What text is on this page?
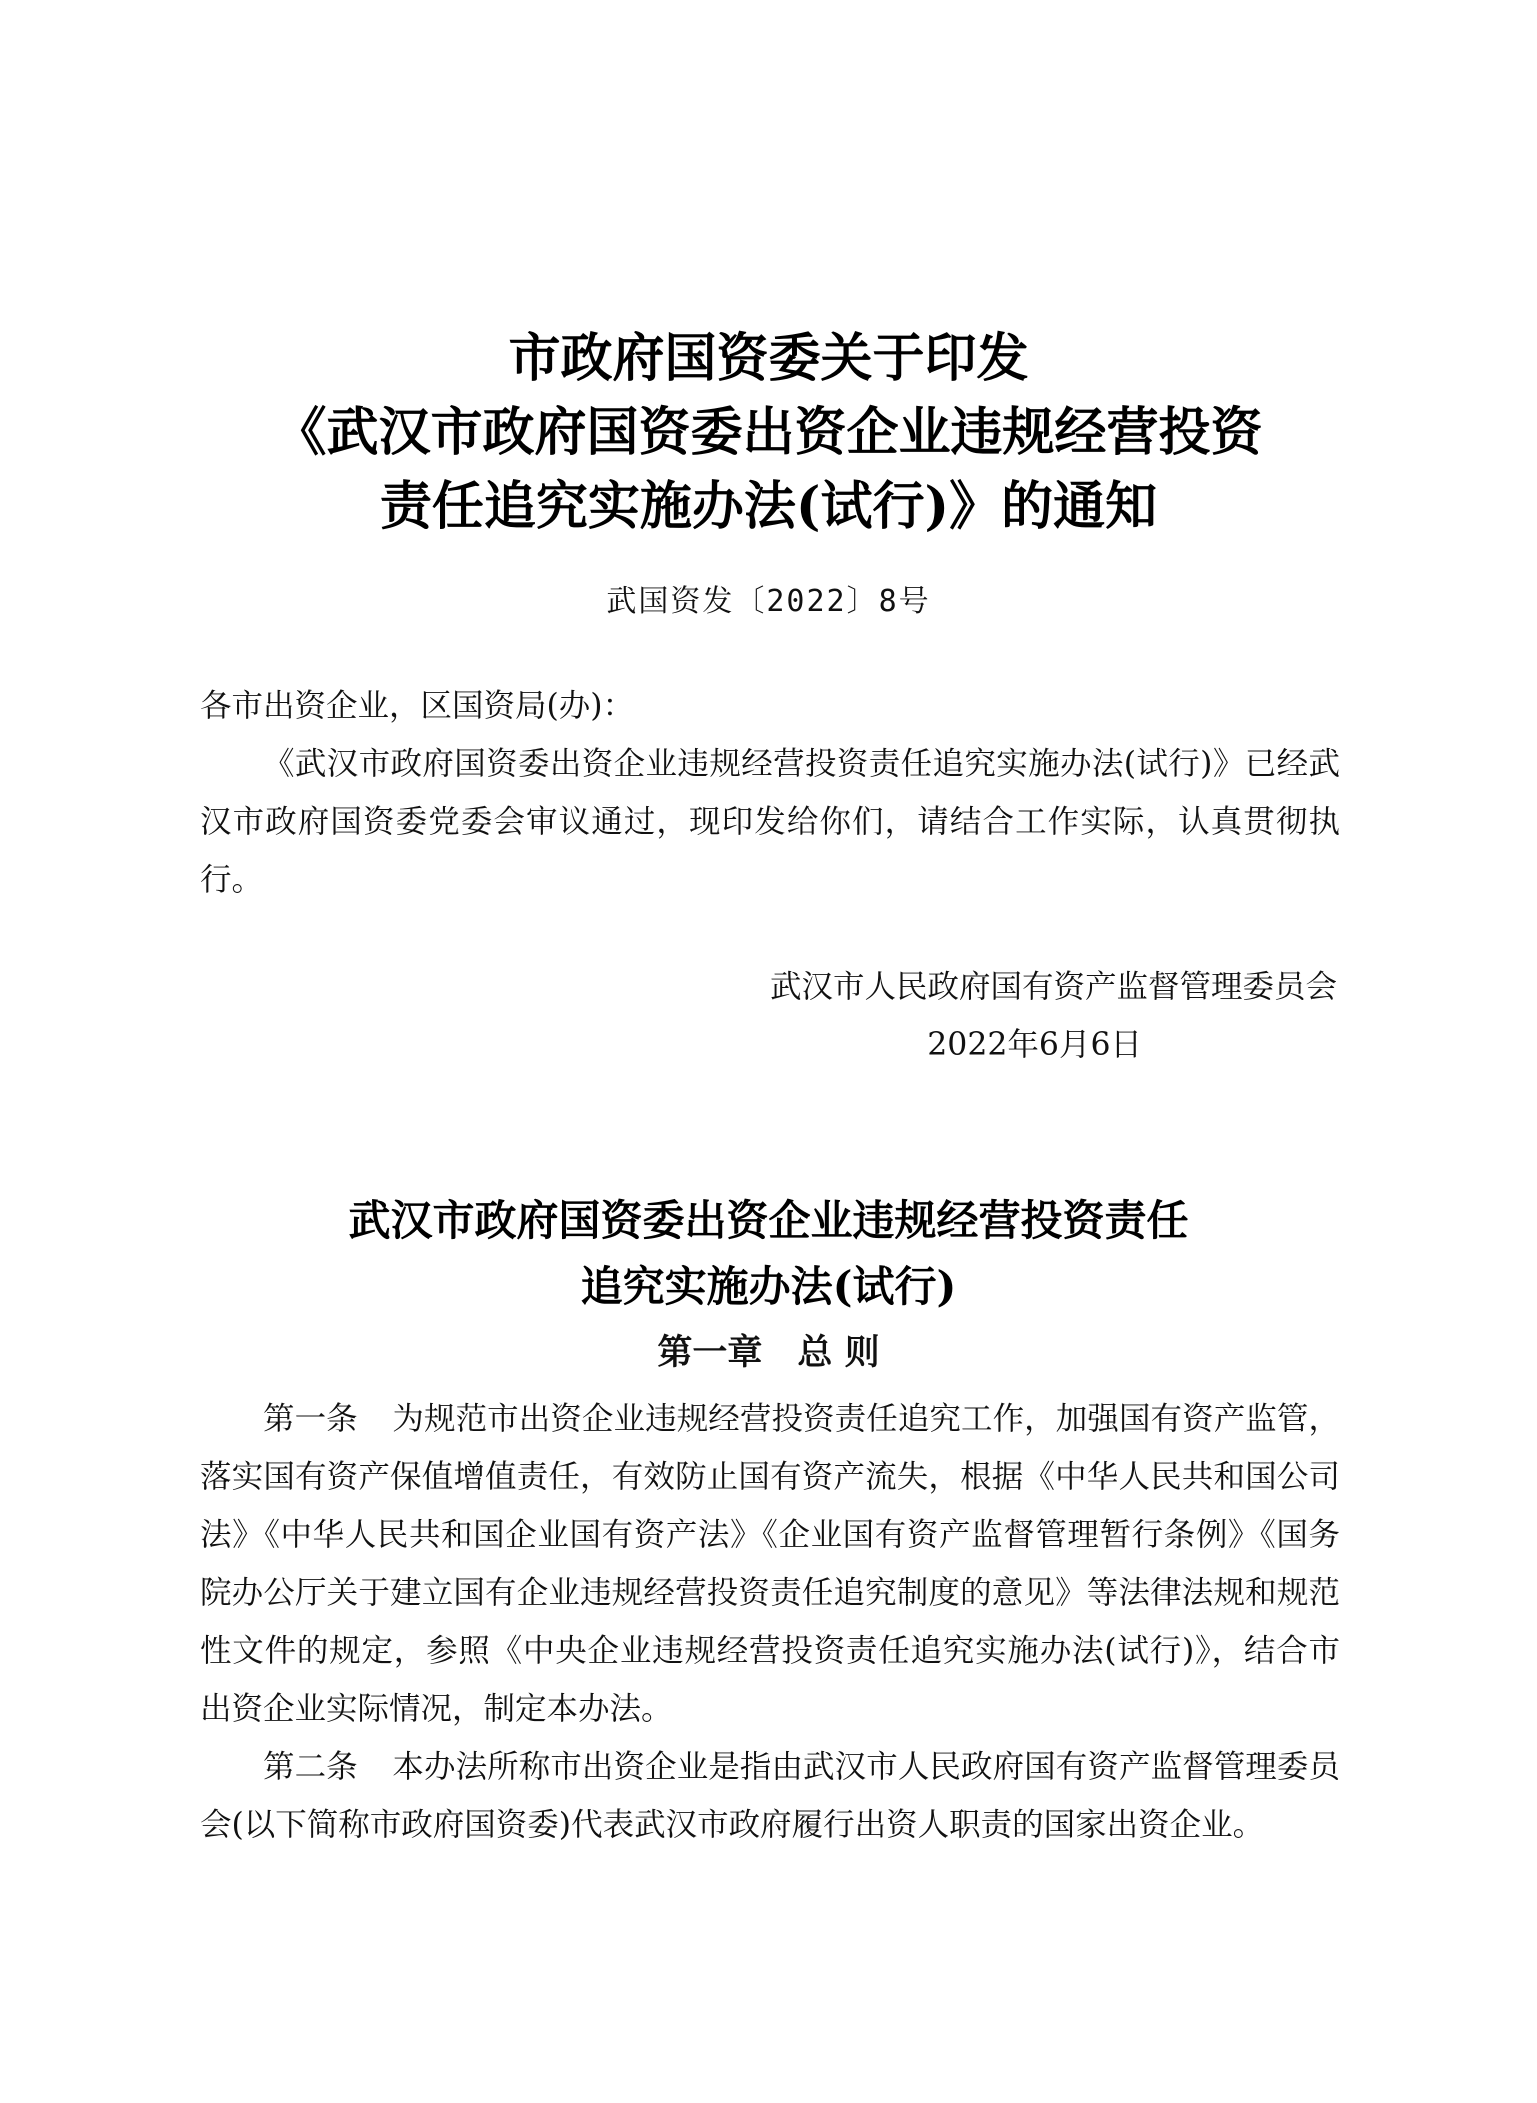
市政府国资委关于印发
《武汉市政府国资委出资企业违规经营投资
责任追究实施办法(试行)》的通知
武国资发〔2022〕8号

各市出资企业，区国资局(办)：

《武汉市政府国资委出资企业违规经营投资责任追究实施办法(试行)》已经武汉市政府国资委党委会审议通过，现印发给你们，请结合工作实际，认真贯彻执行。

武汉市人民政府国有资产监督管理委员会
2022年6月6日
武汉市政府国资委出资企业违规经营投资责任
追究实施办法(试行)
第一章　总 则

第一条 为规范市出资企业违规经营投资责任追究工作，加强国有资产监管，落实国有资产保值增值责任，有效防止国有资产流失，根据《中华人民共和国公司法》《中华人民共和国企业国有资产法》《企业国有资产监督管理暂行条例》《国务院办公厅关于建立国有企业违规经营投资责任追究制度的意见》等法律法规和规范性文件的规定，参照《中央企业违规经营投资责任追究实施办法(试行)》，结合市出资企业实际情况，制定本办法。

第二条 本办法所称市出资企业是指由武汉市人民政府国有资产监督管理委员会(以下简称市政府国资委)代表武汉市政府履行出资人职责的国家出资企业。
